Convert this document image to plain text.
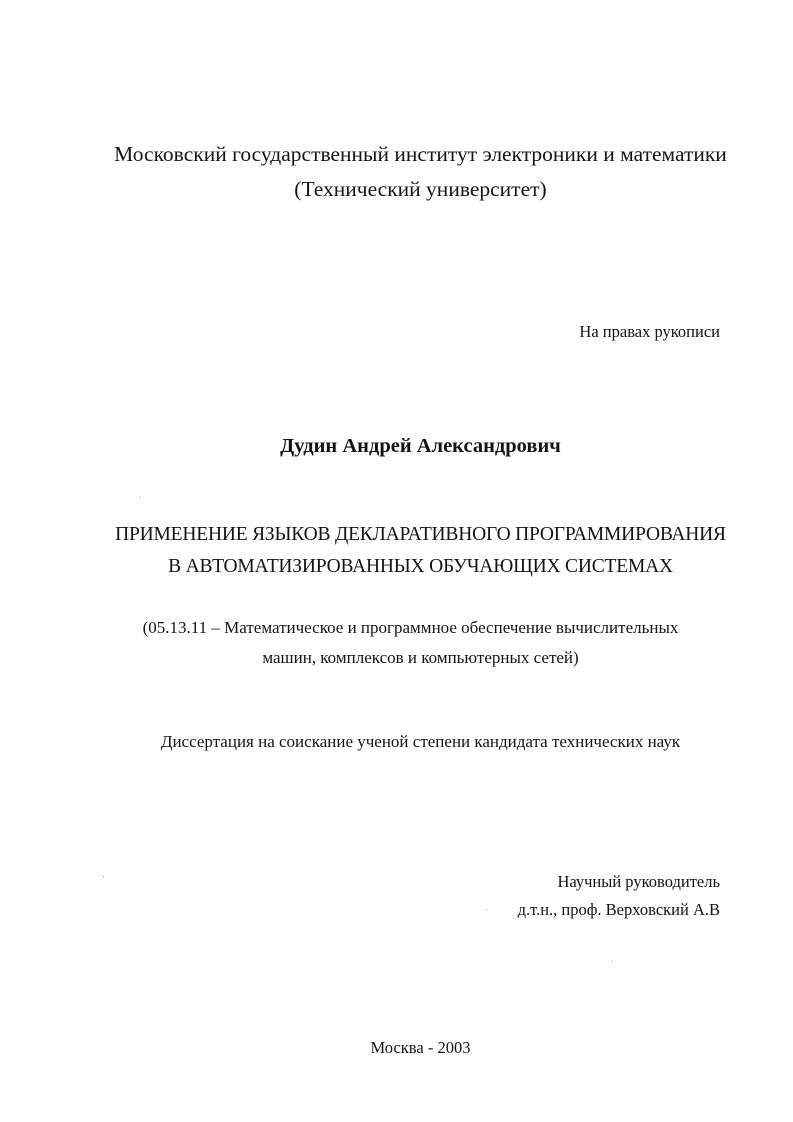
Московский государственный институт электроники и математики
(Технический университет)
На правах рукописи
Дудин Андрей Александрович
ПРИМЕНЕНИЕ ЯЗЫКОВ ДЕКЛАРАТИВНОГО ПРОГРАММИРОВАНИЯ
В АВТОМАТИЗИРОВАННЫХ ОБУЧАЮЩИХ СИСТЕМАХ
(05.13.11 – Математическое и программное обеспечение вычислительных
машин, комплексов и компьютерных сетей)
Диссертация на соискание ученой степени кандидата технических наук
Научный руководитель
д.т.н., проф. Верховский А.В
Москва - 2003
